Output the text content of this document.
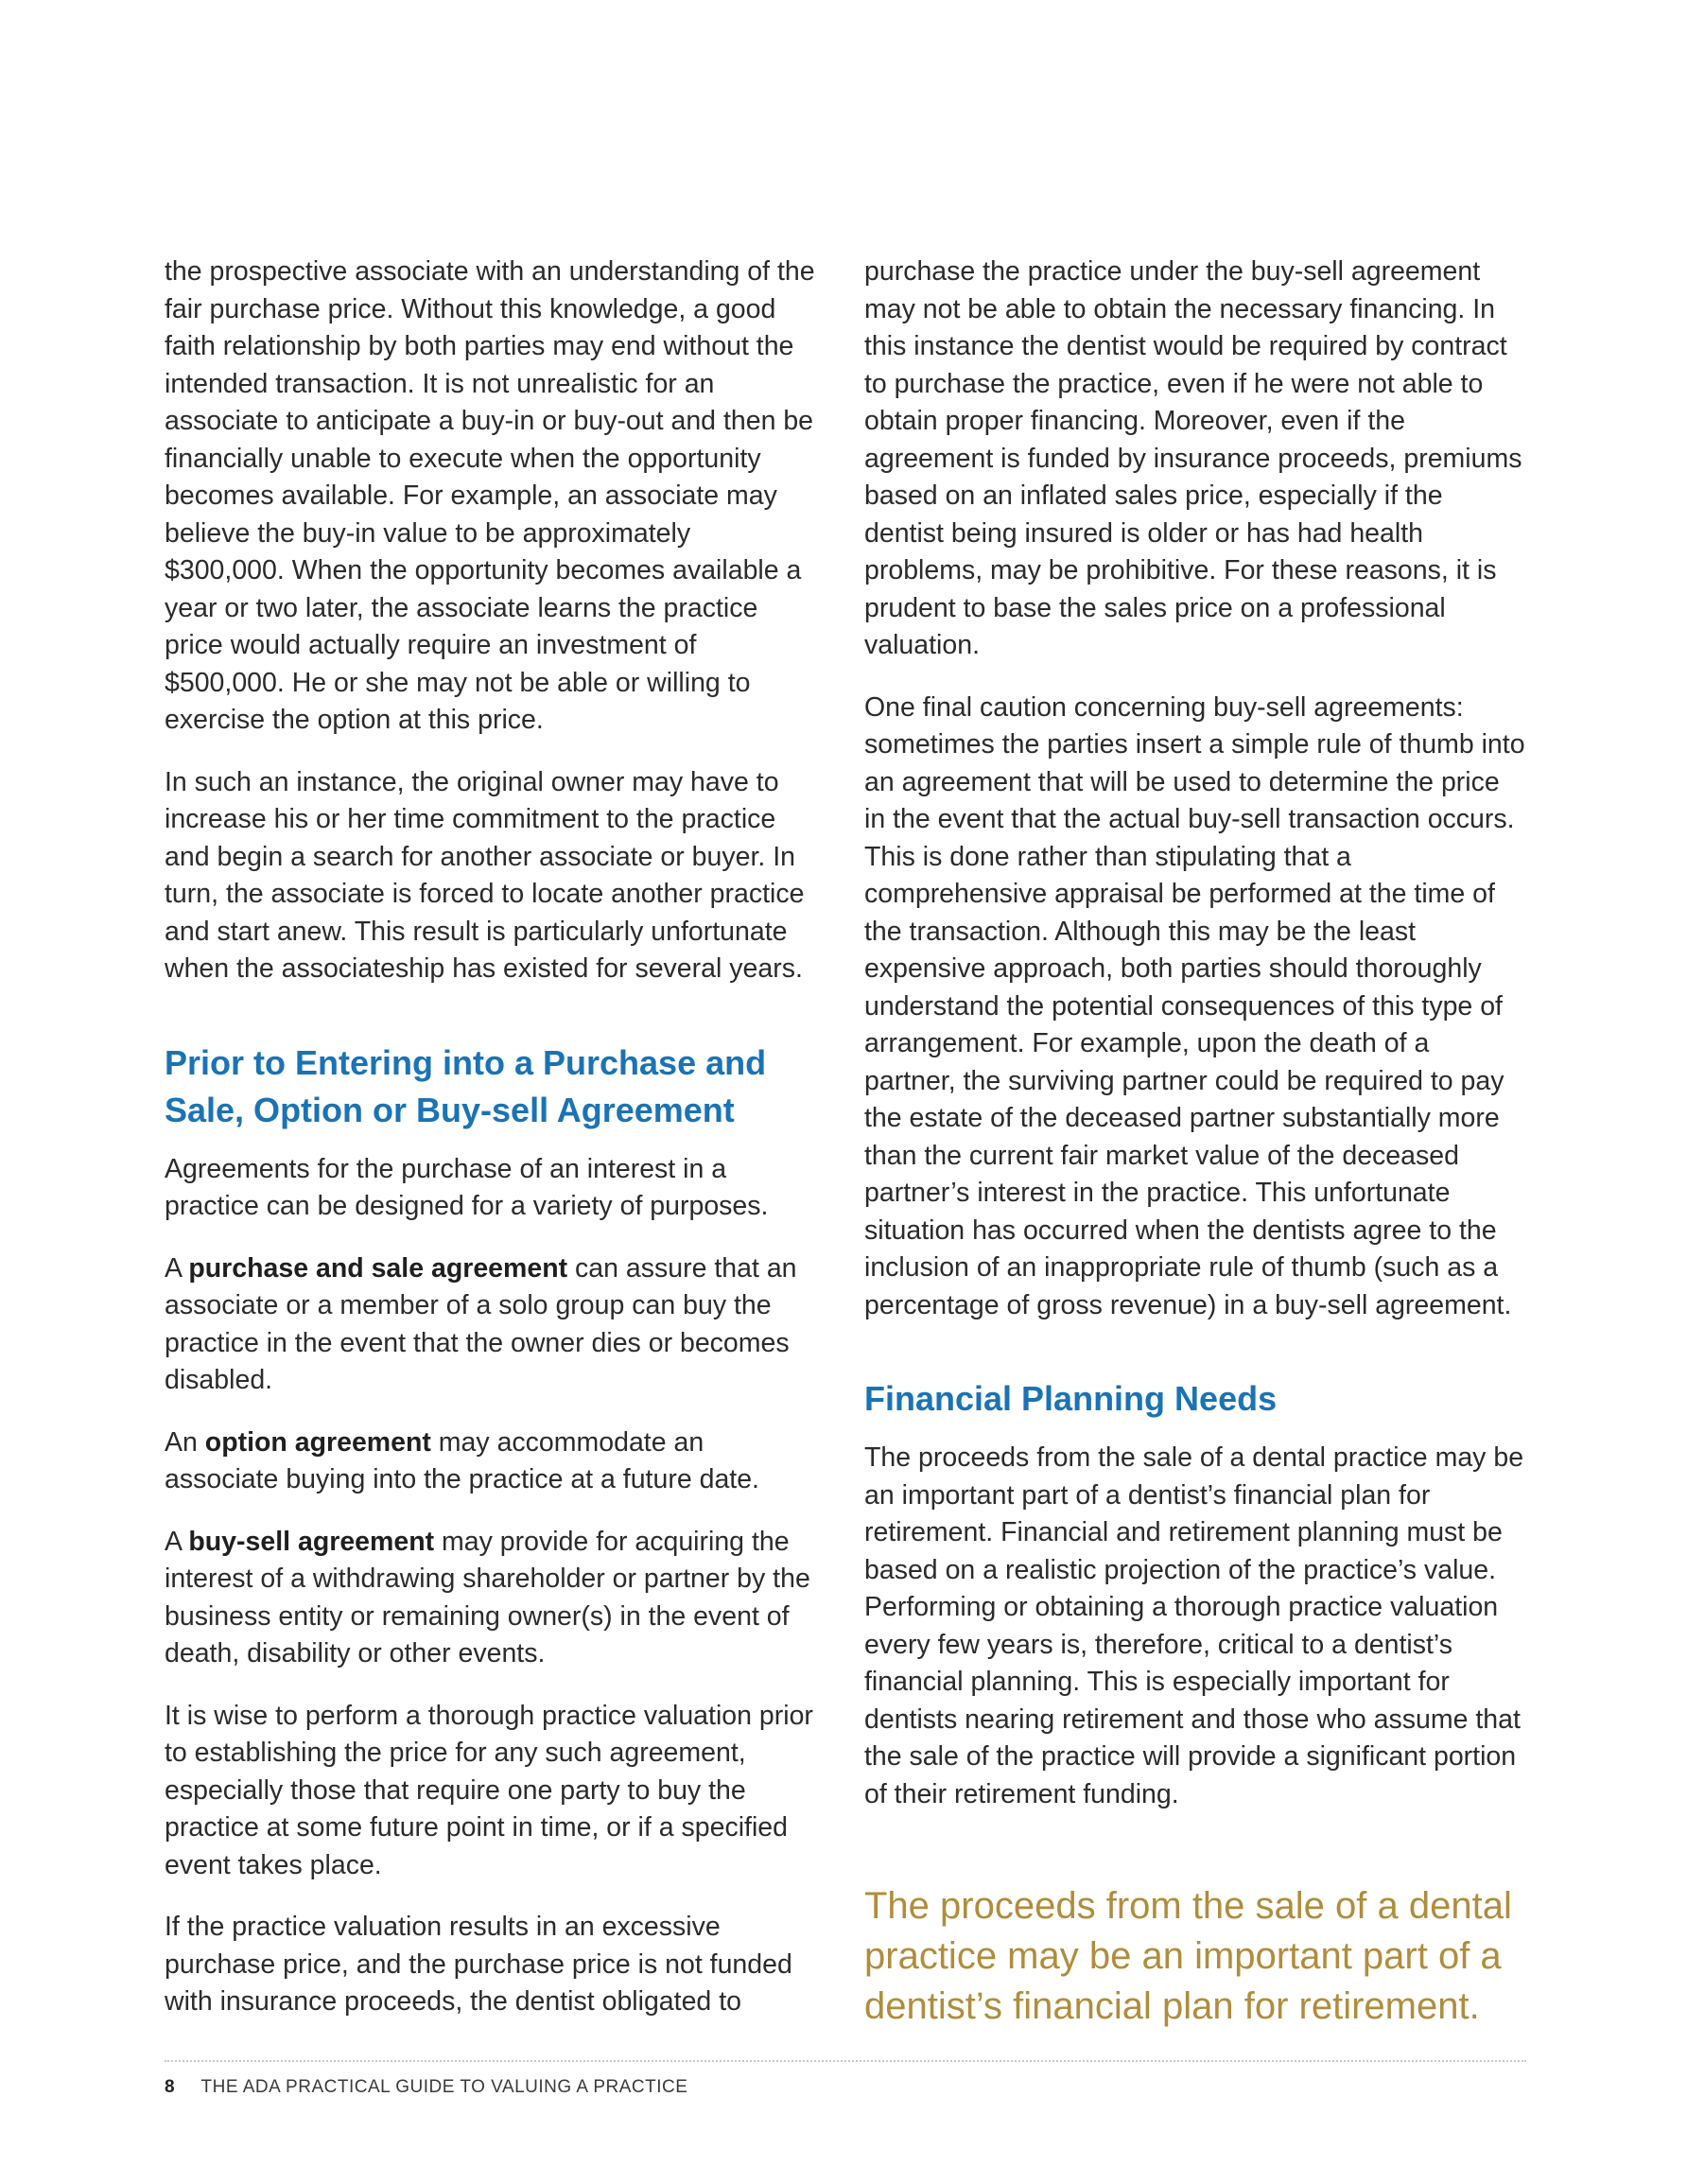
the prospective associate with an understanding of the fair purchase price. Without this knowledge, a good faith relationship by both parties may end without the intended transaction. It is not unrealistic for an associate to anticipate a buy-in or buy-out and then be financially unable to execute when the opportunity becomes available. For example, an associate may believe the buy-in value to be approximately $300,000. When the opportunity becomes available a year or two later, the associate learns the practice price would actually require an investment of $500,000. He or she may not be able or willing to exercise the option at this price.

In such an instance, the original owner may have to increase his or her time commitment to the practice and begin a search for another associate or buyer. In turn, the associate is forced to locate another practice and start anew. This result is particularly unfortunate when the associateship has existed for several years.

Prior to Entering into a Purchase and Sale, Option or Buy-sell Agreement

Agreements for the purchase of an interest in a practice can be designed for a variety of purposes.

A purchase and sale agreement can assure that an associate or a member of a solo group can buy the practice in the event that the owner dies or becomes disabled.

An option agreement may accommodate an associate buying into the practice at a future date.

A buy-sell agreement may provide for acquiring the interest of a withdrawing shareholder or partner by the business entity or remaining owner(s) in the event of death, disability or other events.

It is wise to perform a thorough practice valuation prior to establishing the price for any such agreement, especially those that require one party to buy the practice at some future point in time, or if a specified event takes place.

If the practice valuation results in an excessive purchase price, and the purchase price is not funded with insurance proceeds, the dentist obligated to

purchase the practice under the buy-sell agreement may not be able to obtain the necessary financing. In this instance the dentist would be required by contract to purchase the practice, even if he were not able to obtain proper financing. Moreover, even if the agreement is funded by insurance proceeds, premiums based on an inflated sales price, especially if the dentist being insured is older or has had health problems, may be prohibitive. For these reasons, it is prudent to base the sales price on a professional valuation.

One final caution concerning buy-sell agreements: sometimes the parties insert a simple rule of thumb into an agreement that will be used to determine the price in the event that the actual buy-sell transaction occurs. This is done rather than stipulating that a comprehensive appraisal be performed at the time of the transaction. Although this may be the least expensive approach, both parties should thoroughly understand the potential consequences of this type of arrangement. For example, upon the death of a partner, the surviving partner could be required to pay the estate of the deceased partner substantially more than the current fair market value of the deceased partner’s interest in the practice. This unfortunate situation has occurred when the dentists agree to the inclusion of an inappropriate rule of thumb (such as a percentage of gross revenue) in a buy-sell agreement.

Financial Planning Needs

The proceeds from the sale of a dental practice may be an important part of a dentist’s financial plan for retirement. Financial and retirement planning must be based on a realistic projection of the practice’s value. Performing or obtaining a thorough practice valuation every few years is, therefore, critical to a dentist’s financial planning. This is especially important for dentists nearing retirement and those who assume that the sale of the practice will provide a significant portion of their retirement funding.

The proceeds from the sale of a dental practice may be an important part of a dentist’s financial plan for retirement.
8 THE ADA PRACTICAL GUIDE TO VALUING A PRACTICE
